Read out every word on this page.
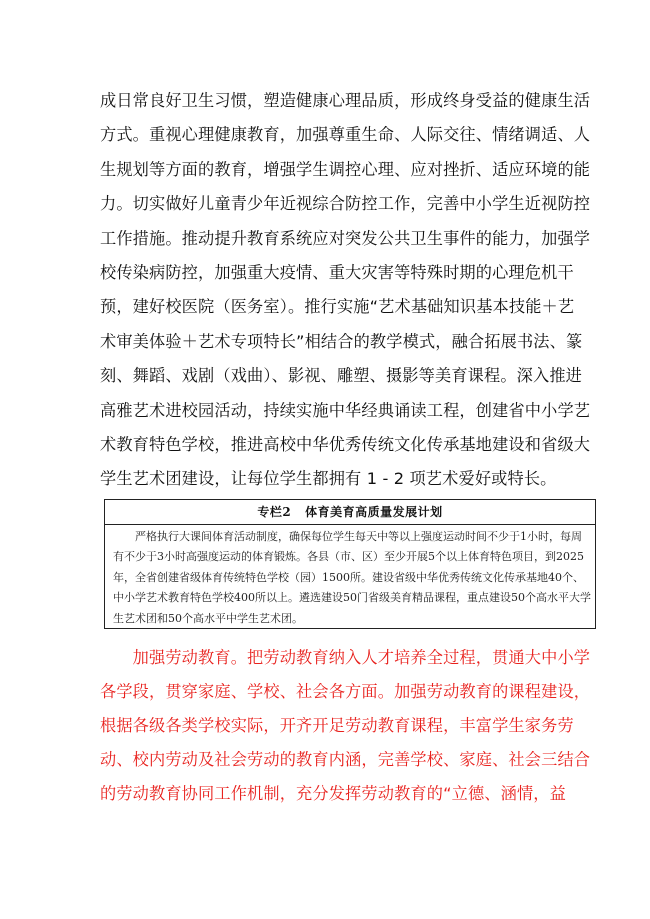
成日常良好卫生习惯，塑造健康心理品质，形成终身受益的健康生活
方式。重视心理健康教育，加强尊重生命、人际交往、情绪调适、人
生规划等方面的教育，增强学生调控心理、应对挫折、适应环境的能
力。切实做好儿童青少年近视综合防控工作，完善中小学生近视防控
工作措施。推动提升教育系统应对突发公共卫生事件的能力，加强学
校传染病防控，加强重大疫情、重大灾害等特殊时期的心理危机干
预，建好校医院（医务室）。推行实施“艺术基础知识基本技能＋艺
术审美体验＋艺术专项特长”相结合的教学模式，融合拓展书法、篆
刻、舞蹈、戏剧（戏曲）、影视、雕塑、摄影等美育课程。深入推进
高雅艺术进校园活动，持续实施中华经典诵读工程，创建省中小学艺
术教育特色学校，推进高校中华优秀传统文化传承基地建设和省级大
学生艺术团建设，让每位学生都拥有 1 - 2 项艺术爱好或特长。
专栏2 体育美育高质量发展计划
　　严格执行大课间体育活动制度，确保每位学生每天中等以上强度运动时间不少于1小时，每周
有不少于3小时高强度运动的体育锻炼。各县（市、区）至少开展5个以上体育特色项目，到2025
年，全省创建省级体育传统特色学校（园）1500所。建设省级中华优秀传统文化传承基地40个、
中小学艺术教育特色学校400所以上。遴选建设50门省级美育精品课程，重点建设50个高水平大学
生艺术团和50个高水平中学生艺术团。
　　加强劳动教育。把劳动教育纳入人才培养全过程，贯通大中小学
各学段，贯穿家庭、学校、社会各方面。加强劳动教育的课程建设，
根据各级各类学校实际，开齐开足劳动教育课程，丰富学生家务劳
动、校内劳动及社会劳动的教育内涵，完善学校、家庭、社会三结合
的劳动教育协同工作机制，充分发挥劳动教育的“立德、涵情，益
